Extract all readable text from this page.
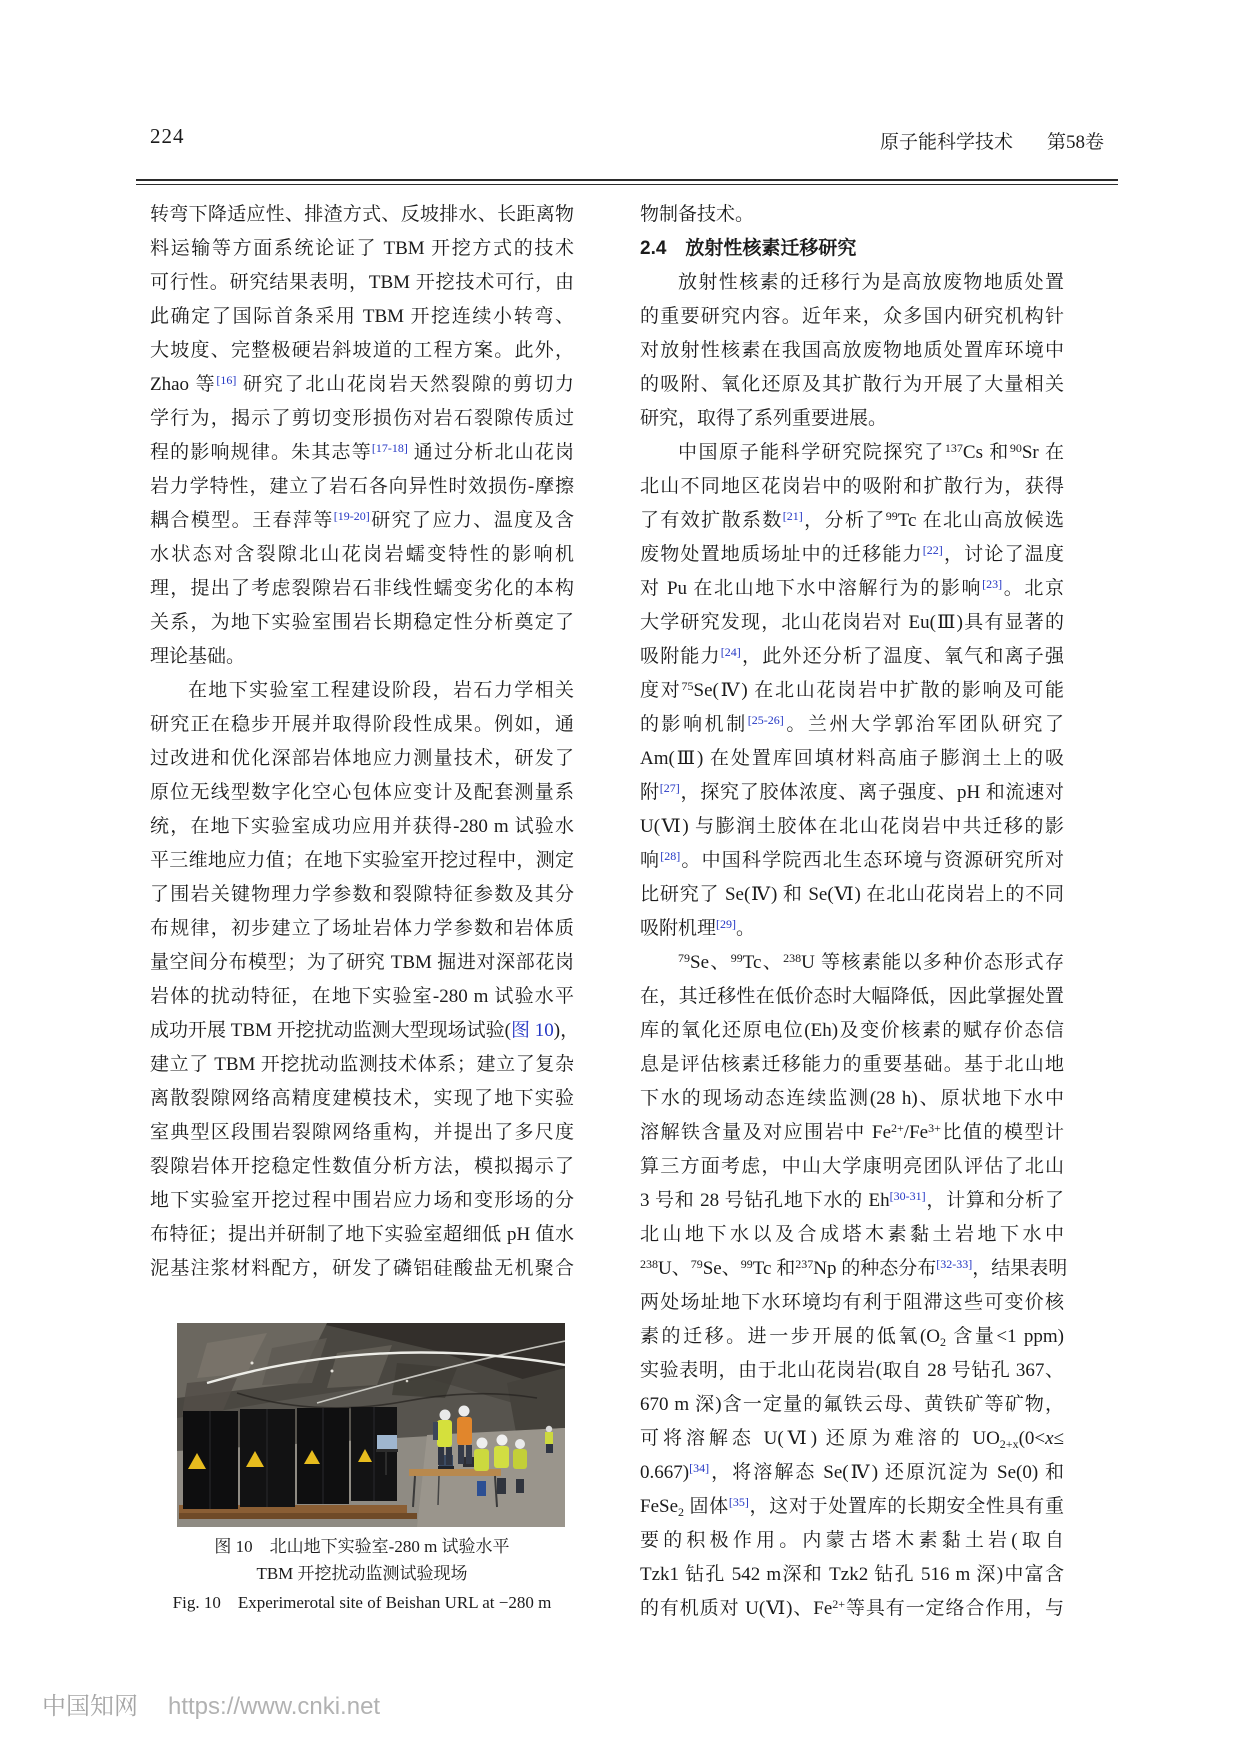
224	原子能科学技术 第58卷
转弯下降适应性、排渣方式、反坡排水、长距离物
料运输等方面系统论证了 TBM 开挖方式的技术
可行性。研究结果表明，TBM 开挖技术可行，由
此确定了国际首条采用 TBM 开挖连续小转弯、
大坡度、完整极硬岩斜坡道的工程方案。此外，
Zhao 等[16] 研究了北山花岗岩天然裂隙的剪切力
学行为，揭示了剪切变形损伤对岩石裂隙传质过
程的影响规律。朱其志等[17-18] 通过分析北山花岗
岩力学特性，建立了岩石各向异性时效损伤-摩擦
耦合模型。王春萍等[19-20]研究了应力、温度及含
水状态对含裂隙北山花岗岩蠕变特性的影响机
理，提出了考虑裂隙岩石非线性蠕变劣化的本构
关系，为地下实验室围岩长期稳定性分析奠定了
理论基础。
在地下实验室工程建设阶段，岩石力学相关
研究正在稳步开展并取得阶段性成果。例如，通
过改进和优化深部岩体地应力测量技术，研发了
原位无线型数字化空心包体应变计及配套测量系
统，在地下实验室成功应用并获得-280 m 试验水
平三维地应力值；在地下实验室开挖过程中，测定
了围岩关键物理力学参数和裂隙特征参数及其分
布规律，初步建立了场址岩体力学参数和岩体质
量空间分布模型；为了研究 TBM 掘进对深部花岗
岩体的扰动特征，在地下实验室-280 m 试验水平
成功开展 TBM 开挖扰动监测大型现场试验(图 10)，
建立了 TBM 开挖扰动监测技术体系；建立了复杂
离散裂隙网络高精度建模技术，实现了地下实验
室典型区段围岩裂隙网络重构，并提出了多尺度
裂隙岩体开挖稳定性数值分析方法，模拟揭示了
地下实验室开挖过程中围岩应力场和变形场的分
布特征；提出并研制了地下实验室超细低 pH 值水
泥基注浆材料配方，研发了磷铝硅酸盐无机聚合
物制备技术。
2.4　放射性核素迁移研究
放射性核素的迁移行为是高放废物地质处置
的重要研究内容。近年来，众多国内研究机构针
对放射性核素在我国高放废物地质处置库环境中
的吸附、氧化还原及其扩散行为开展了大量相关
研究，取得了系列重要进展。
中国原子能科学研究院探究了$^{137}$Cs 和$^{90}$Sr 在
北山不同地区花岗岩中的吸附和扩散行为，获得
了有效扩散系数[21]，分析了$^{99}$Tc 在北山高放候选
废物处置地质场址中的迁移能力[22]，讨论了温度
对 Pu 在北山地下水中溶解行为的影响[23]。北京
大学研究发现，北山花岗岩对 Eu(Ⅲ)具有显著的
吸附能力[24]，此外还分析了温度、氧气和离子强
度对$^{75}$Se(Ⅳ) 在北山花岗岩中扩散的影响及可能
的影响机制[25-26]。兰州大学郭治军团队研究了
Am(Ⅲ) 在处置库回填材料高庙子膨润土上的吸
附[27]，探究了胶体浓度、离子强度、pH 和流速对
U(Ⅵ) 与膨润土胶体在北山花岗岩中共迁移的影
响[28]。中国科学院西北生态环境与资源研究所对
比研究了 Se(Ⅳ) 和 Se(Ⅵ) 在北山花岗岩上的不同
吸附机理[29]。
$^{79}$Se、$^{99}$Tc、$^{238}$U 等核素能以多种价态形式存
在，其迁移性在低价态时大幅降低，因此掌握处置
库的氧化还原电位(Eh)及变价核素的赋存价态信
息是评估核素迁移能力的重要基础。基于北山地
下水的现场动态连续监测(28 h)、原状地下水中
溶解铁含量及对应围岩中 $Fe^{2+}/Fe^{3+}$比值的模型计
算三方面考虑，中山大学康明亮团队评估了北山
3 号和 28 号钻孔地下水的 Eh[30-31]，计算和分析了
北山地下水以及合成塔木素黏土岩地下水中
$^{238}$U、$^{79}$Se、$^{99}$Tc 和$^{237}$Np 的种态分布[32-33]，结果表明
两处场址地下水环境均有利于阻滞这些可变价核
素的迁移。进一步开展的低氧($O_2$ 含量<1 ppm)
实验表明，由于北山花岗岩(取自 28 号钻孔 367、
670 m 深)含一定量的氟铁云母、黄铁矿等矿物，
可将溶解态 U(Ⅵ) 还原为难溶的 $UO_{2+x}(0<x\le$
0.667)[34]，将溶解态 Se(Ⅳ) 还原沉淀为 Se(0) 和
FeSe$_2$ 固体[35]，这对于处置库的长期安全性具有重
要的积极作用。内蒙古塔木素黏土岩(取自
Tzk1 钻孔 542 m深和 Tzk2 钻孔 516 m 深)中富含
的有机质对 U(Ⅵ)、$Fe^{2+}$等具有一定络合作用，与
图 10　北山地下实验室-280 m 试验水平
TBM 开挖扰动监测试验现场
Fig. 10　Experimerotal site of Beishan URL at −280 m
中国知网 https://www.cnki.net
